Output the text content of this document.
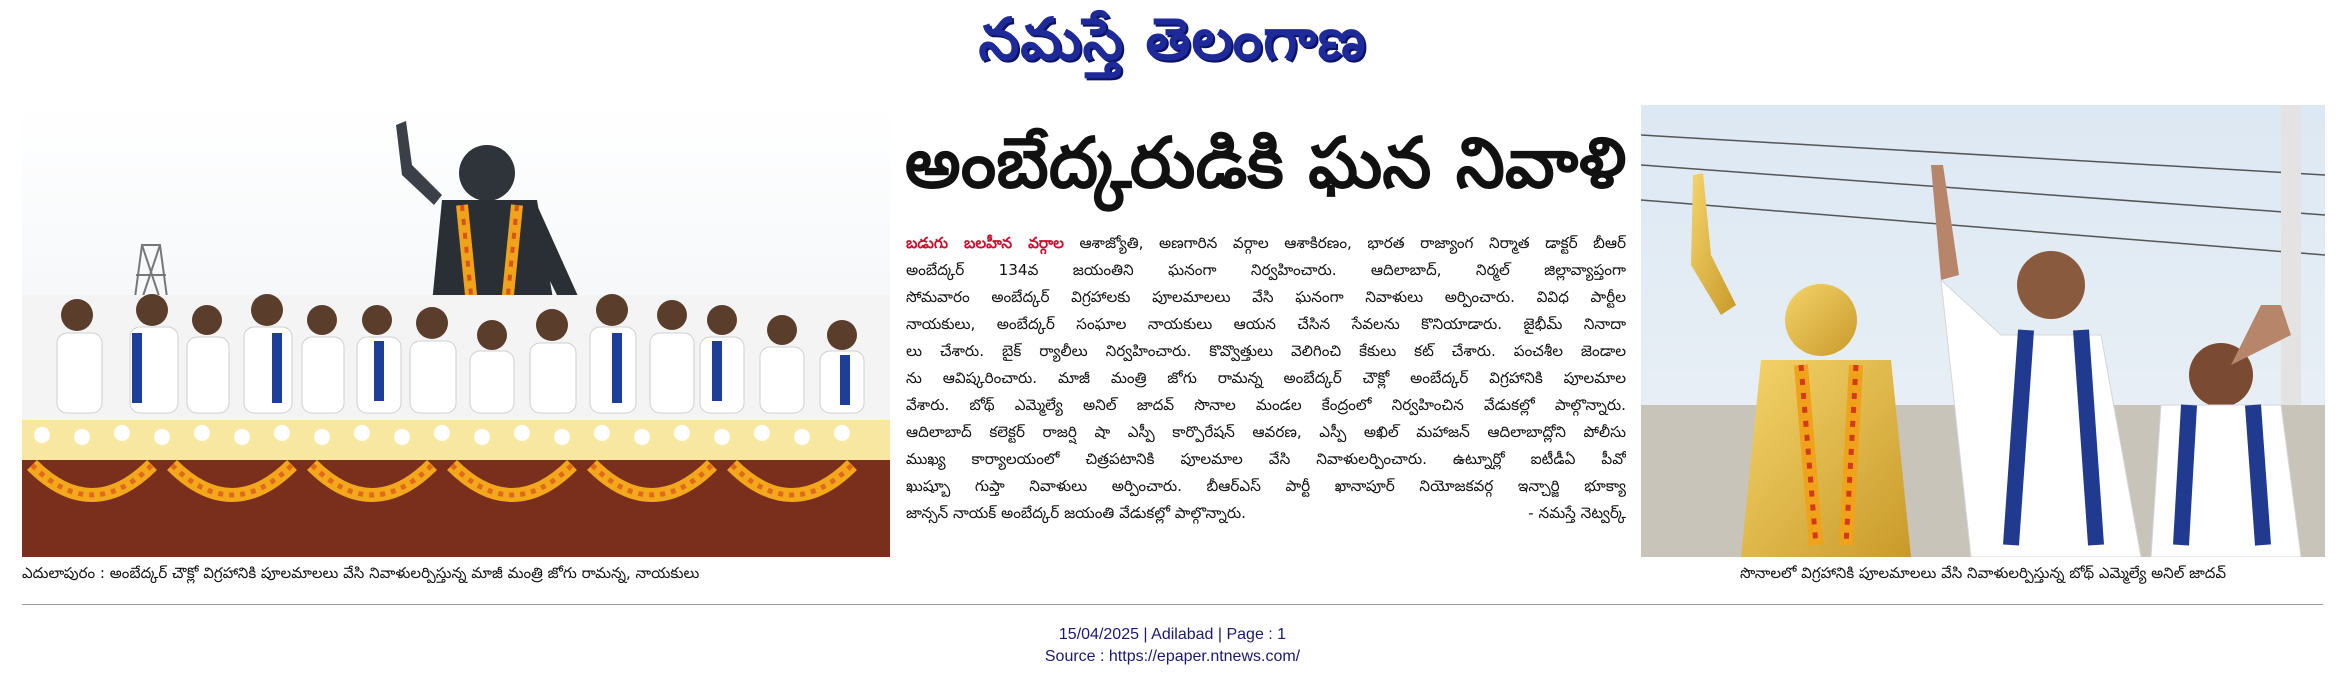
నమస్తే తెలంగాణ
ఎదులాపురం : అంబేద్కర్ చౌక్లో విగ్రహానికి పూలమాలలు వేసి నివాళులర్పిస్తున్న మాజీ మంత్రి జోగు రామన్న, నాయకులు
అంబేద్కరుడికి ఘన నివాళి
బడుగు బలహీన వర్గాల ఆశాజ్యోతి, అణగారిన వర్గాల ఆశాకిరణం, భారత రాజ్యాంగ నిర్మాత డాక్టర్ బీఆర్
అంబేద్కర్ 134వ జయంతిని ఘనంగా నిర్వహించారు. ఆదిలాబాద్, నిర్మల్ జిల్లావ్యాప్తంగా
సోమవారం అంబేద్కర్ విగ్రహాలకు పూలమాలలు వేసి ఘనంగా నివాళులు అర్పించారు. వివిధ పార్టీల
నాయకులు, అంబేద్కర్ సంఘాల నాయకులు ఆయన చేసిన సేవలను కొనియాడారు. జైభీమ్ నినాదా
లు చేశారు. బైక్ ర్యాలీలు నిర్వహించారు. కొవ్వొత్తులు వెలిగించి కేకులు కట్ చేశారు. పంచశీల జెండాల
ను ఆవిష్కరించారు. మాజీ మంత్రి జోగు రామన్న అంబేద్కర్ చౌక్లో అంబేద్కర్ విగ్రహానికి పూలమాల
వేశారు. బోథ్ ఎమ్మెల్యే అనిల్ జాదవ్ సొనాల మండల కేంద్రంలో నిర్వహించిన వేడుకల్లో పాల్గొన్నారు.
ఆదిలాబాద్ కలెక్టర్ రాజర్షి షా ఎస్పీ కార్పొరేషన్ ఆవరణ, ఎస్పీ అఖిల్ మహాజన్ ఆదిలాబాద్లోని పోలీసు
ముఖ్య కార్యాలయంలో చిత్రపటానికి పూలమాల వేసి నివాళులర్పించారు. ఉట్నూర్లో ఐటీడీఏ పీవో
ఖుష్బూ గుప్తా నివాళులు అర్పించారు. బీఆర్ఎస్ పార్టీ ఖానాపూర్ నియోజకవర్గ ఇన్చార్జి భూక్యా
జాన్సన్ నాయక్ అంబేద్కర్ జయంతి వేడుకల్లో పాల్గొన్నారు.	- నమస్తే నెట్వర్క్
సొనాలలో విగ్రహానికి పూలమాలలు వేసి నివాళులర్పిస్తున్న బోథ్ ఎమ్మెల్యే అనిల్ జాదవ్
15/04/2025 | Adilabad | Page : 1
Source : https://epaper.ntnews.com/
